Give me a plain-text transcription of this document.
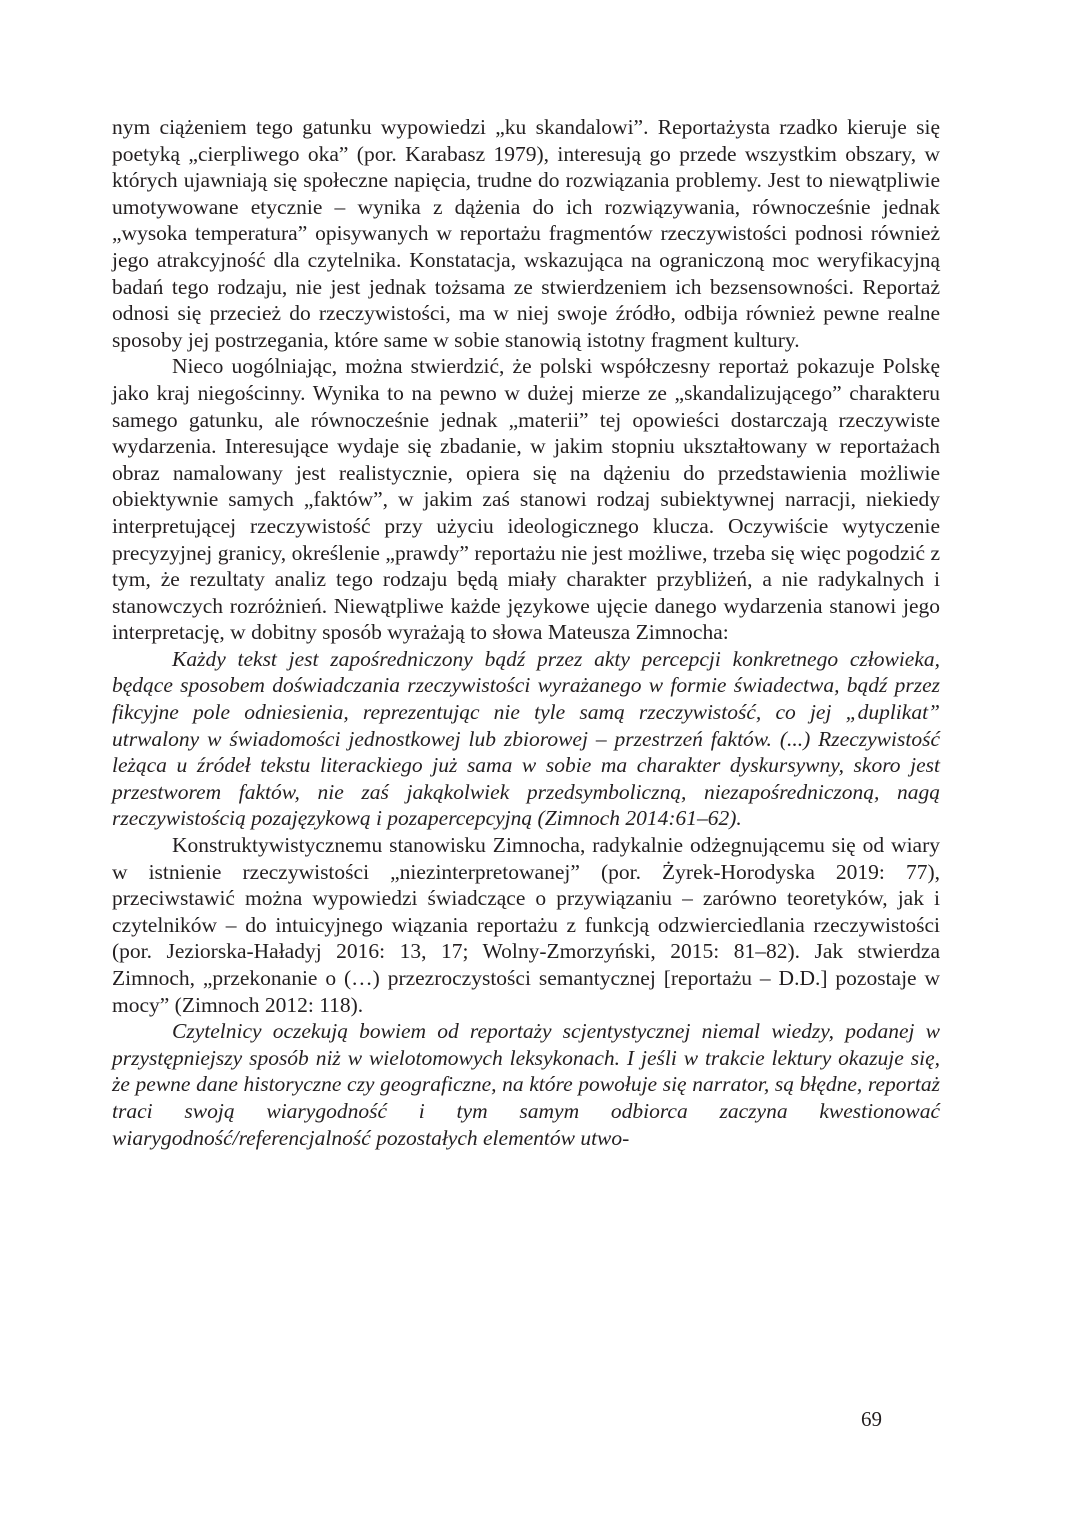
nym ciążeniem tego gatunku wypowiedzi „ku skandalowi”. Reportażysta rzadko kieruje się poetyką „cierpliwego oka” (por. Karabasz 1979), interesują go przede wszystkim obszary, w których ujawniają się społeczne napięcia, trudne do rozwiązania problemy. Jest to niewątpliwie umotywowane etycznie – wynika z dążenia do ich rozwiązywania, równocześnie jednak „wysoka temperatura” opisywanych w reportażu fragmentów rzeczywistości podnosi również jego atrakcyjność dla czytelnika. Konstatacja, wskazująca na ograniczoną moc weryfikacyjną badań tego rodzaju, nie jest jednak tożsama ze stwierdzeniem ich bezsensowności. Reportaż odnosi się przecież do rzeczywistości, ma w niej swoje źródło, odbija również pewne realne sposoby jej postrzegania, które same w sobie stanowią istotny fragment kultury.

Nieco uogólniając, można stwierdzić, że polski współczesny reportaż pokazuje Polskę jako kraj niegościnny. Wynika to na pewno w dużej mierze ze „skandalizującego” charakteru samego gatunku, ale równocześnie jednak „materii” tej opowieści dostarczają rzeczywiste wydarzenia. Interesujące wydaje się zbadanie, w jakim stopniu ukształtowany w reportażach obraz namalowany jest realistycznie, opiera się na dążeniu do przedstawienia możliwie obiektywnie samych „faktów”, w jakim zaś stanowi rodzaj subiektywnej narracji, niekiedy interpretującej rzeczywistość przy użyciu ideologicznego klucza. Oczywiście wytyczenie precyzyjnej granicy, określenie „prawdy” reportażu nie jest możliwe, trzeba się więc pogodzić z tym, że rezultaty analiz tego rodzaju będą miały charakter przybliżeń, a nie radykalnych i stanowczych rozróżnień. Niewątpliwe każde językowe ujęcie danego wydarzenia stanowi jego interpretację, w dobitny sposób wyrażają to słowa Mateusza Zimnocha:

Każdy tekst jest zapośredniczony bądź przez akty percepcji konkretnego człowieka, będące sposobem doświadczania rzeczywistości wyrażanego w formie świadectwa, bądź przez fikcyjne pole odniesienia, reprezentując nie tyle samą rzeczywistość, co jej „duplikat” utrwalony w świadomości jednostkowej lub zbiorowej – przestrzeń faktów. (...) Rzeczywistość leżąca u źródeł tekstu literackiego już sama w sobie ma charakter dyskursywny, skoro jest przestworem faktów, nie zaś jakąkolwiek przedsymboliczną, niezapośredniczoną, nagą rzeczywistością pozajęzykową i pozapercepcyjną (Zimnoch 2014:61–62).

Konstruktywistycznemu stanowisku Zimnocha, radykalnie odżegnującemu się od wiary w istnienie rzeczywistości „niezinterpretowanej” (por. Żyrek-Horodyska 2019: 77), przeciwstawić można wypowiedzi świadczące o przywiązaniu – zarówno teoretyków, jak i czytelników – do intuicyjnego wiązania reportażu z funkcją odzwierciedlania rzeczywistości (por. Jeziorska-Haładyj 2016: 13, 17; Wolny-Zmorzyński, 2015: 81–82). Jak stwierdza Zimnoch, „przekonanie o (…) przezroczystości semantycznej [reportażu – D.D.] pozostaje w mocy” (Zimnoch 2012: 118).

Czytelnicy oczekują bowiem od reportaży scjentystycznej niemal wiedzy, podanej w przystępniejszy sposób niż w wielotomowych leksykonach. I jeśli w trakcie lektury okazuje się, że pewne dane historyczne czy geograficzne, na które powołuje się narrator, są błędne, reportaż traci swoją wiarygodność i tym samym odbiorca zaczyna kwestionować wiarygodność/referencjalność pozostałych elementów utwo-

69
